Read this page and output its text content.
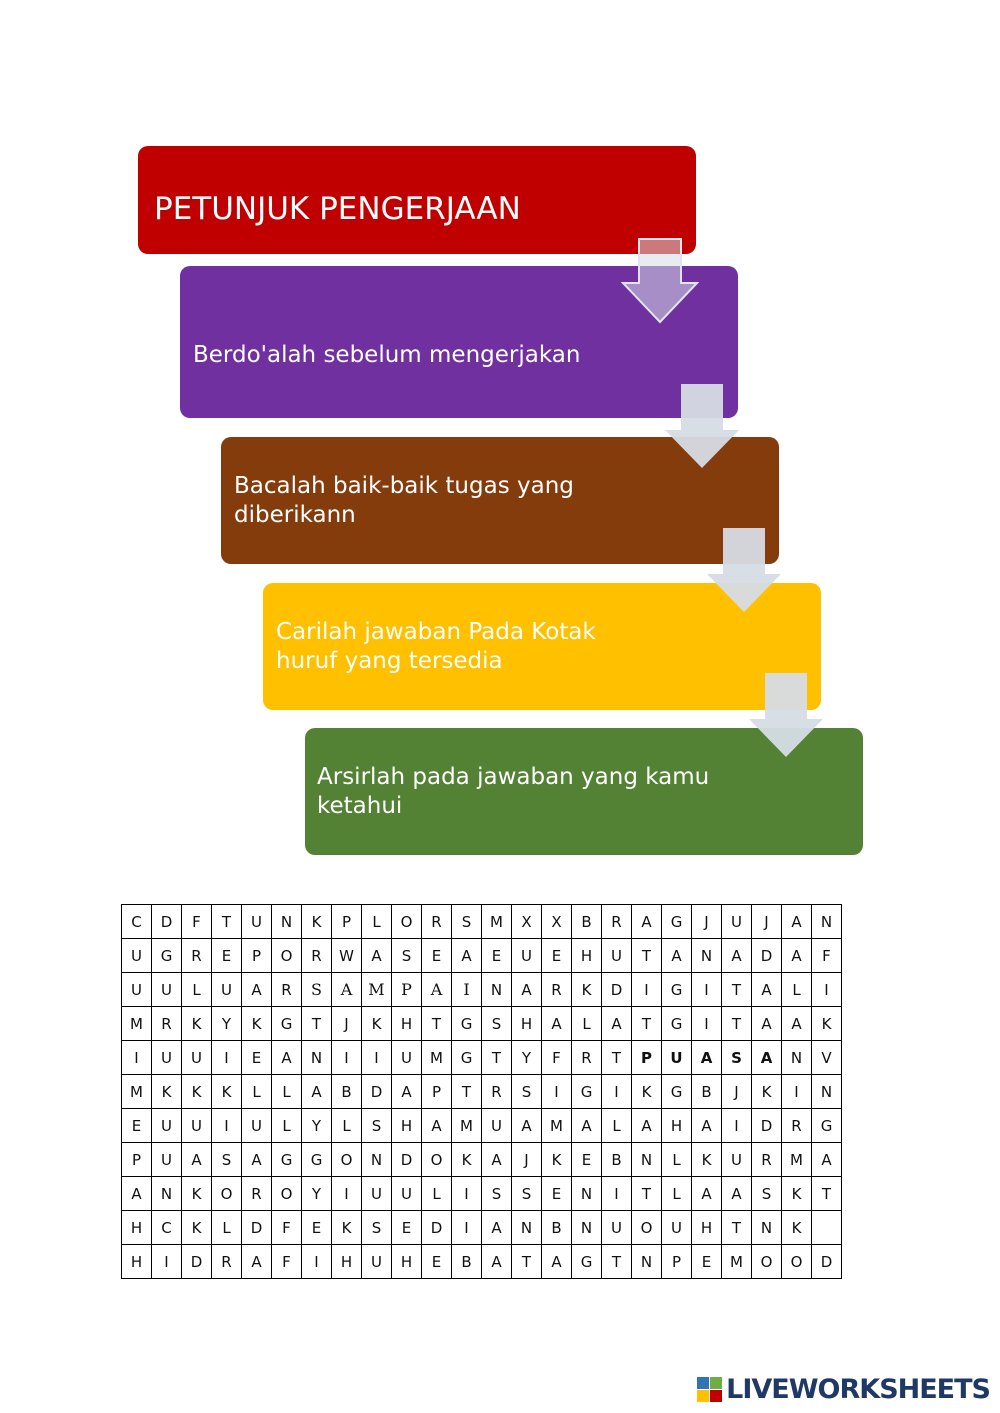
PETUNJUK PENGERJAAN
Berdo'alah sebelum mengerjakan
Bacalah baik-baik tugas yang
diberikann
Carilah jawaban Pada Kotak
huruf yang tersedia
Arsirlah pada jawaban yang kamu
ketahui
C	D	F	T	U	N	K	P	L	O	R	S	M	X	X	B	R	A	G	J	U	J	A	N
U	G	R	E	P	O	R	W	A	S	E	A	E	U	E	H	U	T	A	N	A	D	A	F
U	U	L	U	A	R	S	A	M	P	A	I	N	A	R	K	D	I	G	I	T	A	L	I
M	R	K	Y	K	G	T	J	K	H	T	G	S	H	A	L	A	T	G	I	T	A	A	K
I	U	U	I	E	A	N	I	I	U	M	G	T	Y	F	R	T	P	U	A	S	A	N	V
M	K	K	K	L	L	A	B	D	A	P	T	R	S	I	G	I	K	G	B	J	K	I	N
E	U	U	I	U	L	Y	L	S	H	A	M	U	A	M	A	L	A	H	A	I	D	R	G
P	U	A	S	A	G	G	O	N	D	O	K	A	J	K	E	B	N	L	K	U	R	M	A
A	N	K	O	R	O	Y	I	U	U	L	I	S	S	E	N	I	T	L	A	A	S	K	T
H	C	K	L	D	F	E	K	S	E	D	I	A	N	B	N	U	O	U	H	T	N	K	
H	I	D	R	A	F	I	H	U	H	E	B	A	T	A	G	T	N	P	E	M	O	O	D
LIVEWORKSHEETS
